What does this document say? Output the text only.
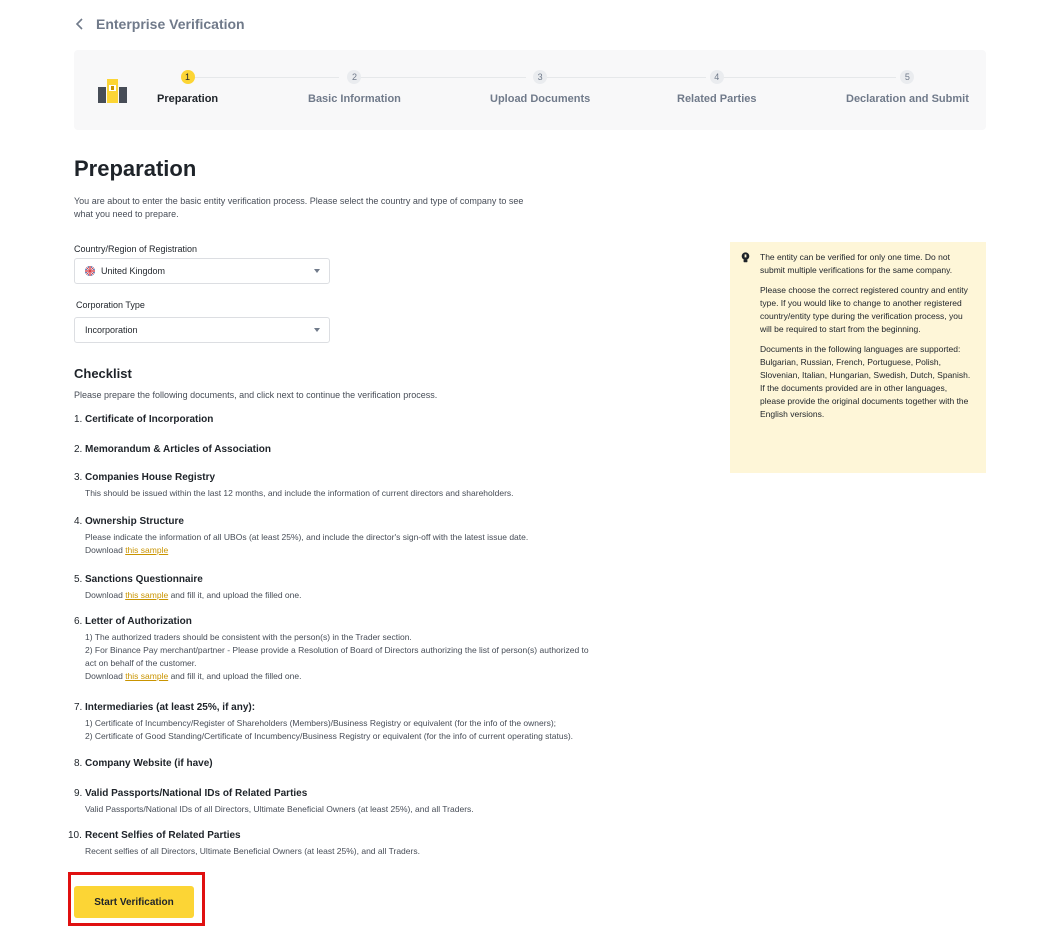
Enterprise Verification
1
Preparation
2
Basic Information
3
Upload Documents
4
Related Parties
5
Declaration and Submit
Preparation
You are about to enter the basic entity verification process. Please select the country and type of company to see what you need to prepare.
Country/Region of Registration
United Kingdom
Corporation Type
Incorporation
Checklist
Please prepare the following documents, and click next to continue the verification process.
1. Certificate of Incorporation
2. Memorandum & Articles of Association
3. Companies House Registry
This should be issued within the last 12 months, and include the information of current directors and shareholders.
4. Ownership Structure
Please indicate the information of all UBOs (at least 25%), and include the director's sign-off with the latest issue date.
Download this sample
5. Sanctions Questionnaire
Download this sample and fill it, and upload the filled one.
6. Letter of Authorization
1) The authorized traders should be consistent with the person(s) in the Trader section.
2) For Binance Pay merchant/partner - Please provide a Resolution of Board of Directors authorizing the list of person(s) authorized to
act on behalf of the customer.
Download this sample and fill it, and upload the filled one.
7. Intermediaries (at least 25%, if any):
1) Certificate of Incumbency/Register of Shareholders (Members)/Business Registry or equivalent (for the info of the owners);
2) Certificate of Good Standing/Certificate of Incumbency/Business Registry or equivalent (for the info of current operating status).
8. Company Website (if have)
9. Valid Passports/National IDs of Related Parties
Valid Passports/National IDs of all Directors, Ultimate Beneficial Owners (at least 25%), and all Traders.
10. Recent Selfies of Related Parties
Recent selfies of all Directors, Ultimate Beneficial Owners (at least 25%), and all Traders.

The entity can be verified for only one time. Do not submit multiple verifications for the same company.

Please choose the correct registered country and entity type. If you would like to change to another registered country/entity type during the verification process, you will be required to start from the beginning.

Documents in the following languages are supported: Bulgarian, Russian, French, Portuguese, Polish, Slovenian, Italian, Hungarian, Swedish, Dutch, Spanish. If the documents provided are in other languages, please provide the original documents together with the English versions.

Start Verification
